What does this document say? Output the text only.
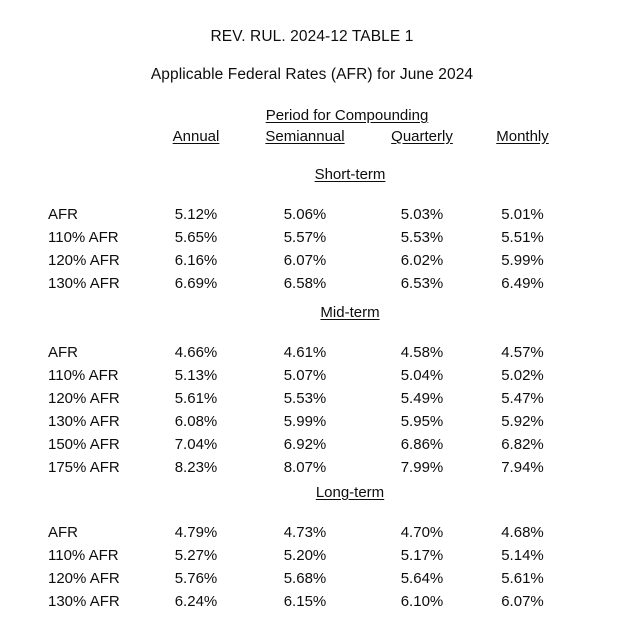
REV. RUL. 2024-12 TABLE 1
Applicable Federal Rates (AFR) for June 2024
Period for Compounding
Annual	Semiannual	Quarterly	Monthly
Short-term
AFR	5.12%	5.06%	5.03%	5.01%
110% AFR	5.65%	5.57%	5.53%	5.51%
120% AFR	6.16%	6.07%	6.02%	5.99%
130% AFR	6.69%	6.58%	6.53%	6.49%
Mid-term
AFR	4.66%	4.61%	4.58%	4.57%
110% AFR	5.13%	5.07%	5.04%	5.02%
120% AFR	5.61%	5.53%	5.49%	5.47%
130% AFR	6.08%	5.99%	5.95%	5.92%
150% AFR	7.04%	6.92%	6.86%	6.82%
175% AFR	8.23%	8.07%	7.99%	7.94%
Long-term
AFR	4.79%	4.73%	4.70%	4.68%
110% AFR	5.27%	5.20%	5.17%	5.14%
120% AFR	5.76%	5.68%	5.64%	5.61%
130% AFR	6.24%	6.15%	6.10%	6.07%
